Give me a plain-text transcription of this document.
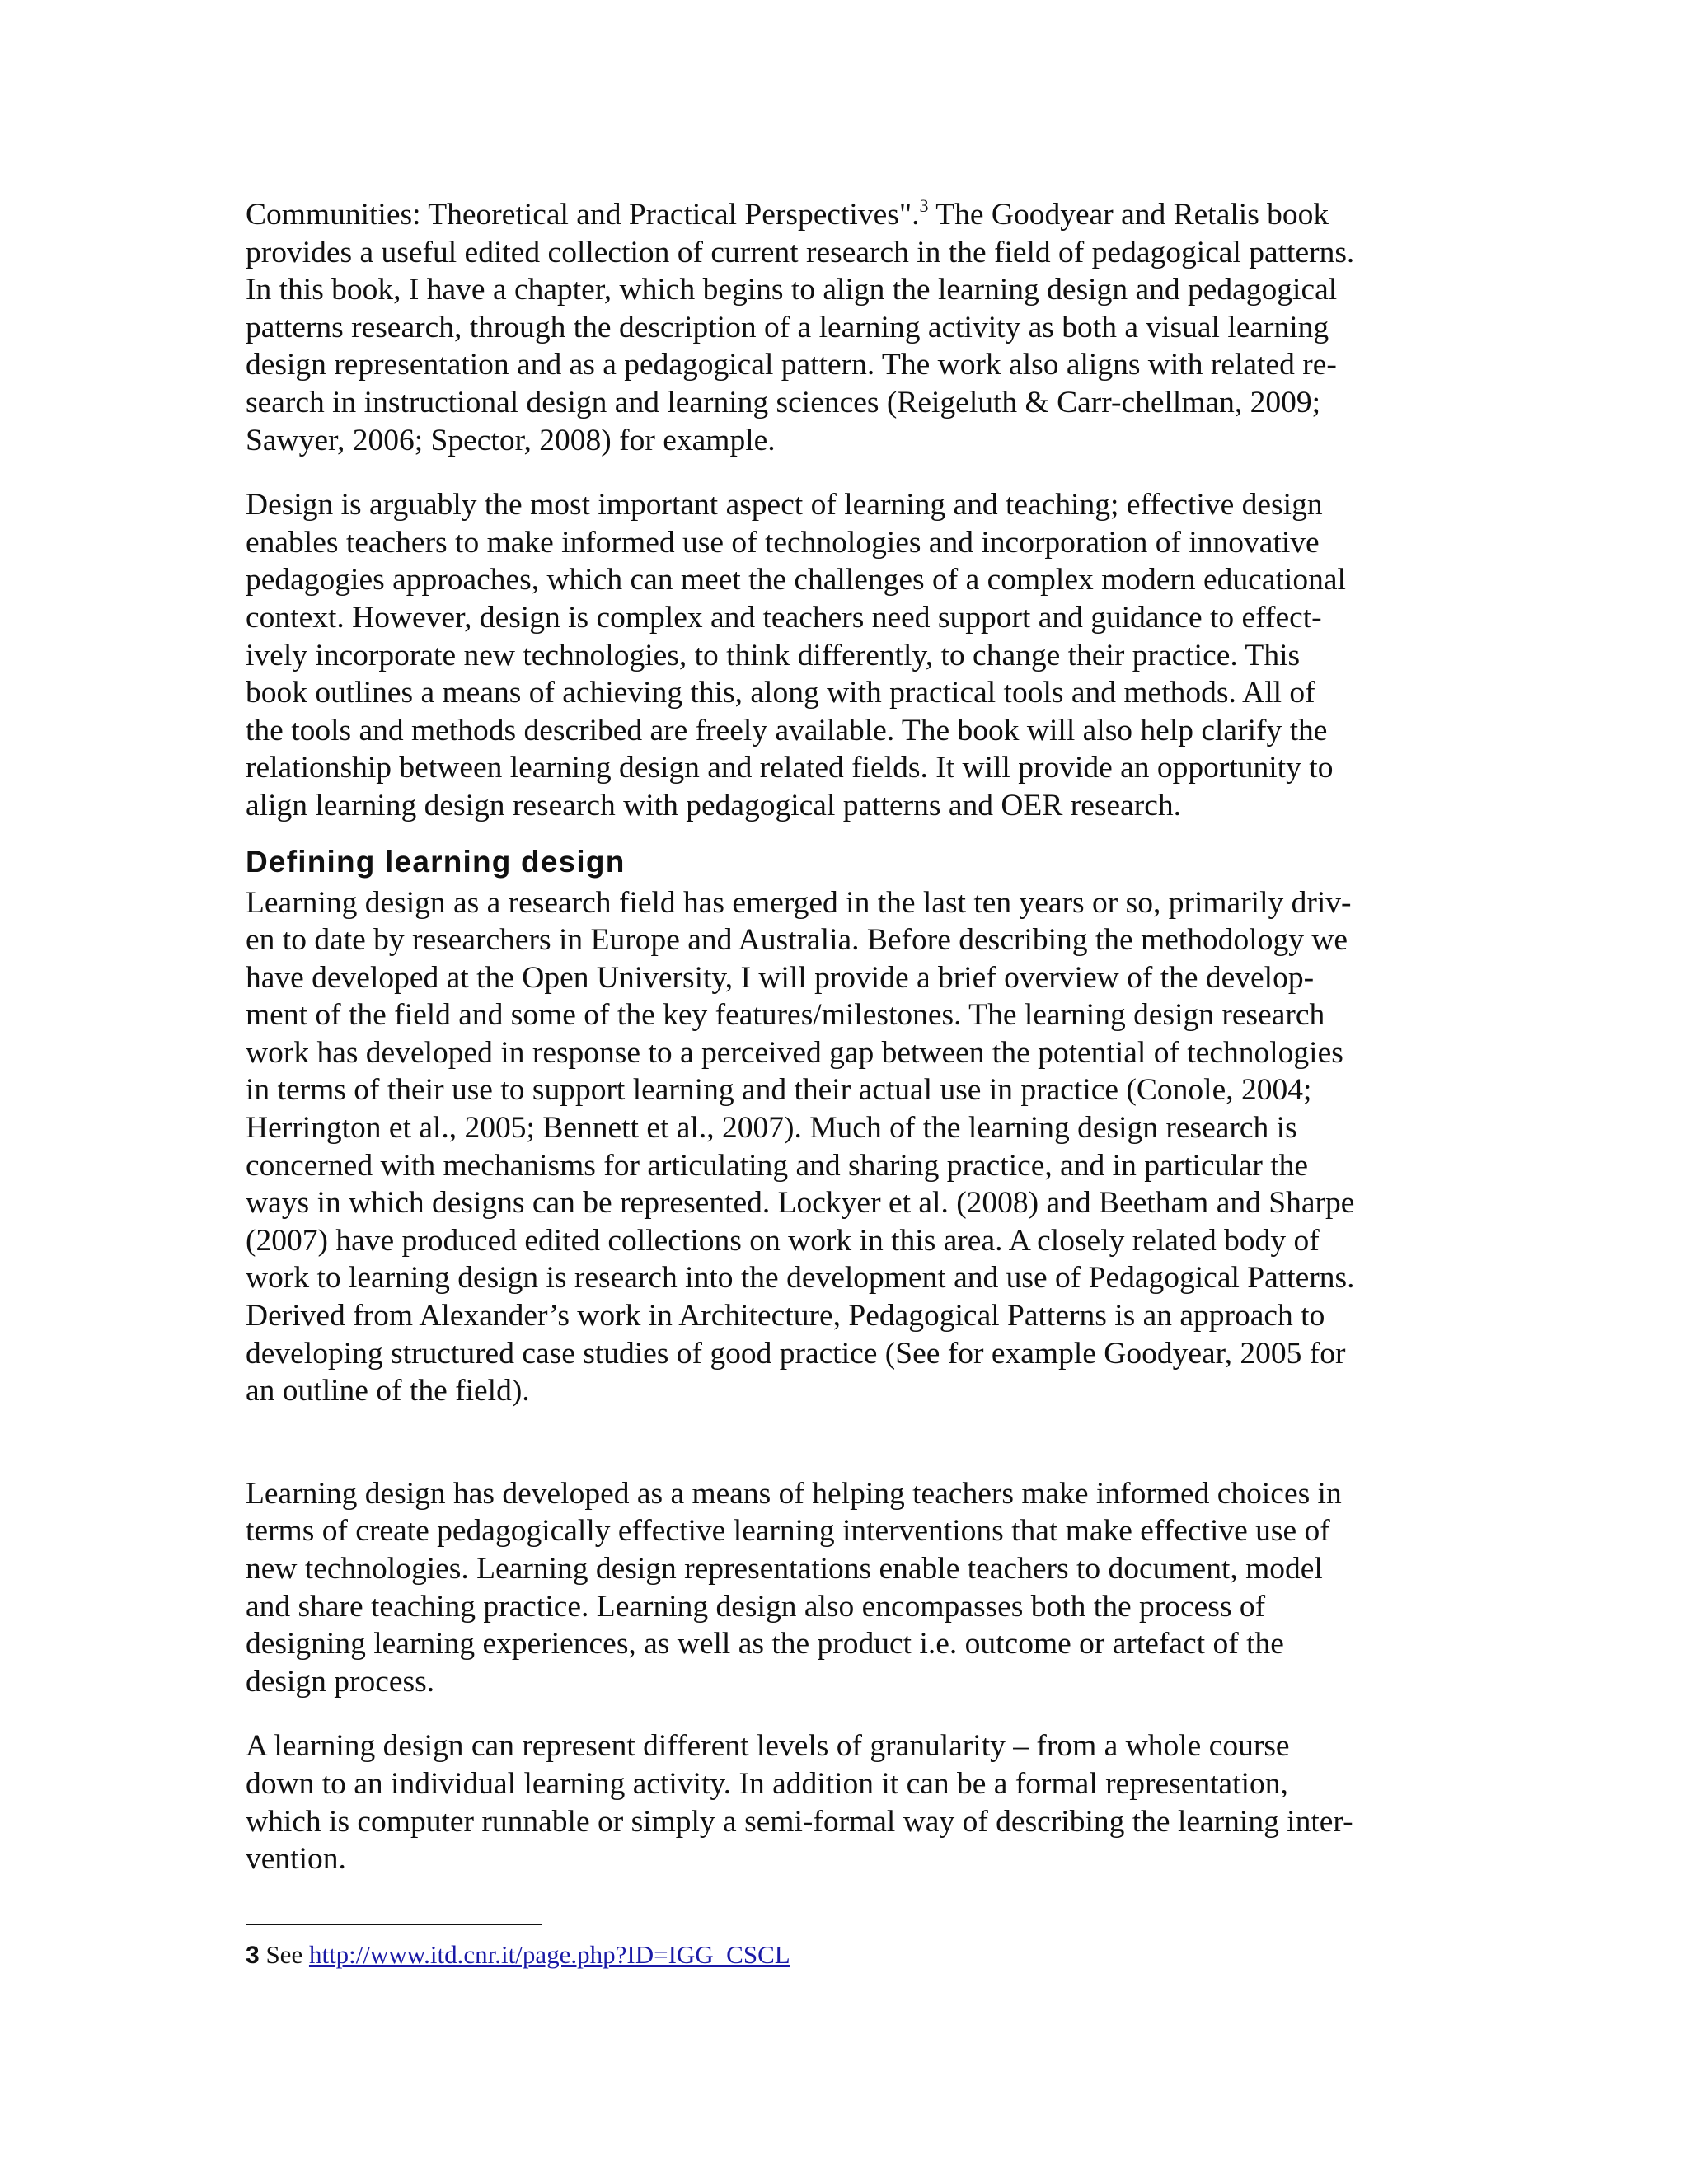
Communities: Theoretical and Practical Perspectives".$^3$ The Goodyear and Retalis book
provides a useful edited collection of current research in the field of pedagogical patterns.
In this book, I have a chapter, which begins to align the learning design and pedagogical
patterns research, through the description of a learning activity as both a visual learning
design representation and as a pedagogical pattern. The work also aligns with related re-
search in instructional design and learning sciences (Reigeluth & Carr-chellman, 2009;
Sawyer, 2006; Spector, 2008) for example.
Design is arguably the most important aspect of learning and teaching; effective design
enables teachers to make informed use of technologies and incorporation of innovative
pedagogies approaches, which can meet the challenges of a complex modern educational
context. However, design is complex and teachers need support and guidance to effect-
ively incorporate new technologies, to think differently, to change their practice. This
book outlines a means of achieving this, along with practical tools and methods. All of
the tools and methods described are freely available. The book will also help clarify the
relationship between learning design and related fields. It will provide an opportunity to
align learning design research with pedagogical patterns and OER research.
Defining learning design
Learning design as a research field has emerged in the last ten years or so, primarily driv-
en to date by researchers in Europe and Australia. Before describing the methodology we
have developed at the Open University, I will provide a brief overview of the develop-
ment of the field and some of the key features/milestones. The learning design research
work has developed in response to a perceived gap between the potential of technologies
in terms of their use to support learning and their actual use in practice (Conole, 2004;
Herrington et al., 2005; Bennett et al., 2007). Much of the learning design research is
concerned with mechanisms for articulating and sharing practice, and in particular the
ways in which designs can be represented. Lockyer et al. (2008) and Beetham and Sharpe
(2007) have produced edited collections on work in this area. A closely related body of
work to learning design is research into the development and use of Pedagogical Patterns.
Derived from Alexander’s work in Architecture, Pedagogical Patterns is an approach to
developing structured case studies of good practice (See for example Goodyear, 2005 for
an outline of the field).
Learning design has developed as a means of helping teachers make informed choices in
terms of create pedagogically effective learning interventions that make effective use of
new technologies. Learning design representations enable teachers to document, model
and share teaching practice. Learning design also encompasses both the process of
designing learning experiences, as well as the product i.e. outcome or artefact of the
design process.
A learning design can represent different levels of granularity – from a whole course
down to an individual learning activity. In addition it can be a formal representation,
which is computer runnable or simply a semi-formal way of describing the learning inter-
vention.
3 See http://www.itd.cnr.it/page.php?ID=IGG_CSCL
